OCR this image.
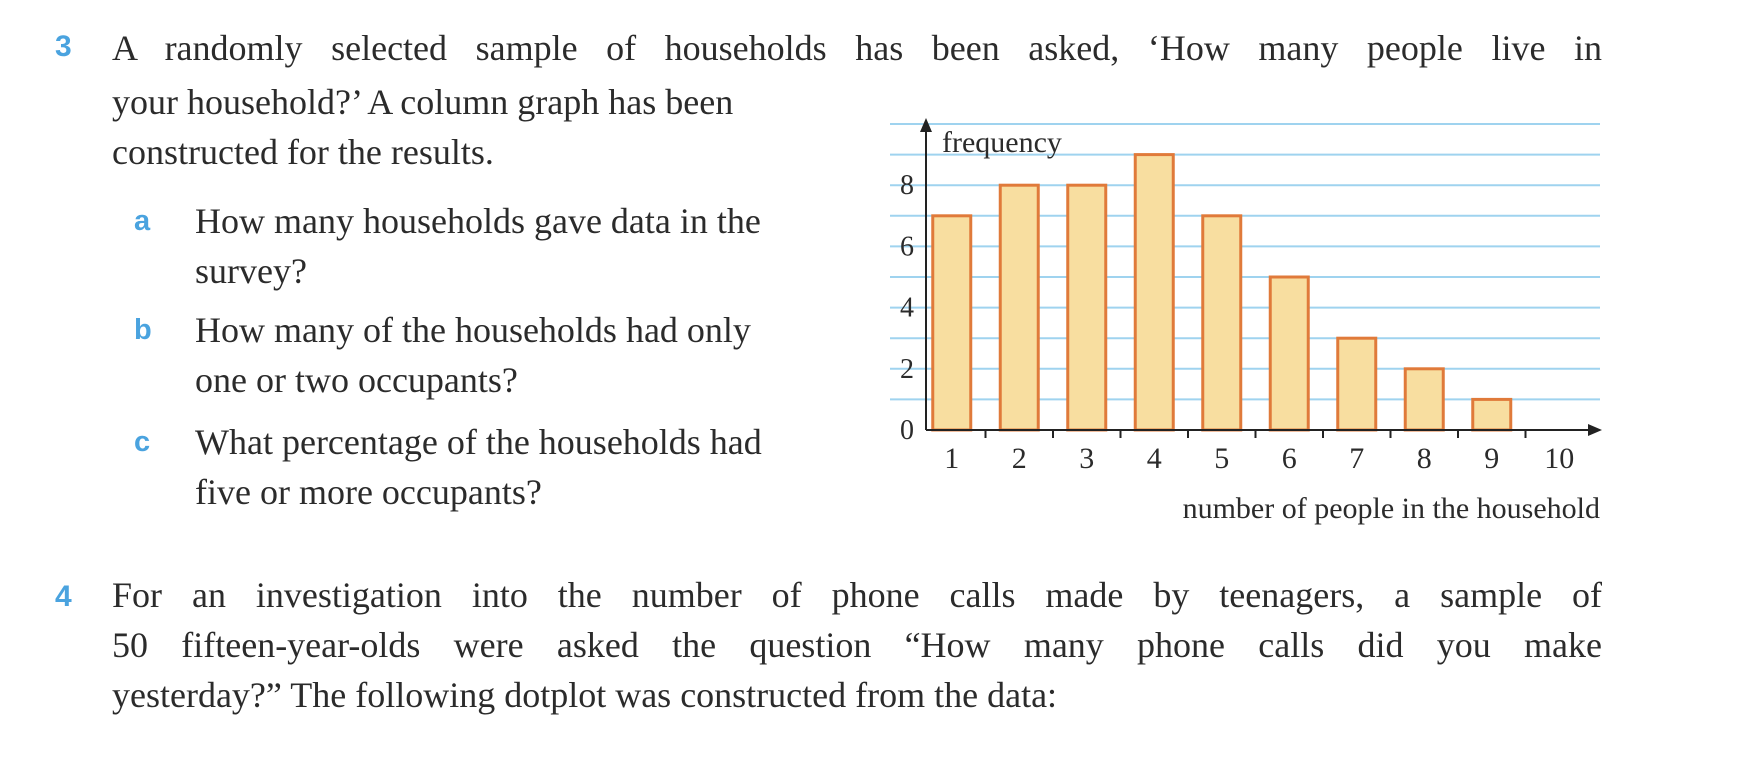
3 A randomly selected sample of households has been asked, ‘How many people live in
your household?’ A column graph has been
constructed for the results.
a How many households gave data in the
survey?
b How many of the households had only
one or two occupants?
c What percentage of the households had
five or more occupants?
0
2
4
6
8
1 2 3 4 5 6 7 8 9 10
frequency
number of people in the household
4 For an investigation into the number of phone calls made by teenagers, a sample of
50 fifteen-year-olds were asked the question “How many phone calls did you make
yesterday?” The following dotplot was constructed from the data:
